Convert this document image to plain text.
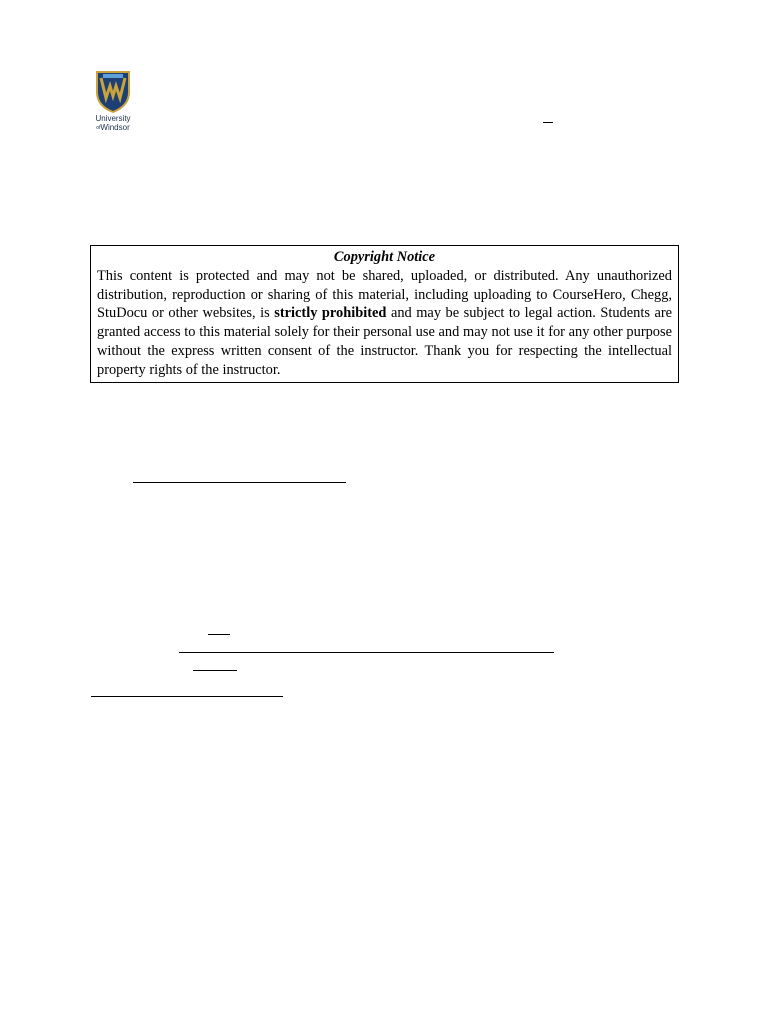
University
ofWindsor
Copyright Notice
This content is protected and may not be shared, uploaded, or distributed. Any unauthorized distribution, reproduction or sharing of this material, including uploading to CourseHero, Chegg, StuDocu or other websites, is strictly prohibited and may be subject to legal action. Students are granted access to this material solely for their personal use and may not use it for any other purpose without the express written consent of the instructor. Thank you for respecting the intellectual property rights of the instructor.
